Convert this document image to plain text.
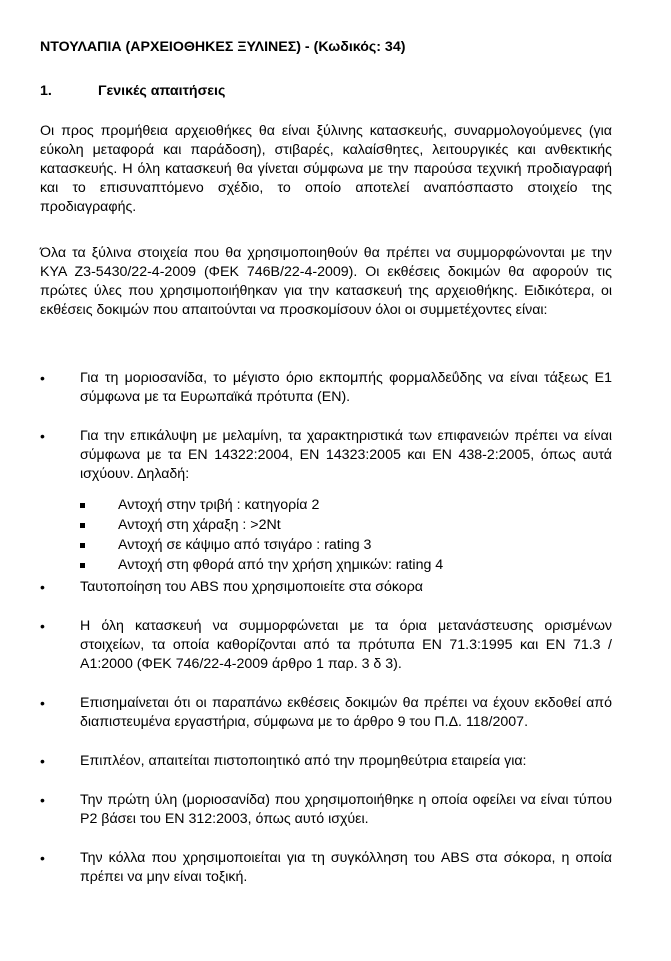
ΝΤΟΥΛΑΠΙΑ (ΑΡΧΕΙΟΘΗΚΕΣ ΞΥΛΙΝΕΣ) - (Κωδικός: 34)
1.	Γενικές απαιτήσεις
Οι προς προμήθεια αρχειοθήκες θα είναι ξύλινης κατασκευής, συναρμολογούμενες (για εύκολη μεταφορά και παράδοση), στιβαρές, καλαίσθητες, λειτουργικές και ανθεκτικής κατασκευής. Η όλη κατασκευή θα γίνεται σύμφωνα με την παρούσα τεχνική προδιαγραφή και το επισυναπτόμενο σχέδιο, το οποίο αποτελεί αναπόσπαστο στοιχείο της προδιαγραφής.
Όλα τα ξύλινα στοιχεία που θα χρησιμοποιηθούν θα πρέπει να συμμορφώνονται με την ΚΥΑ Ζ3-5430/22-4-2009 (ΦΕΚ 746Β/22-4-2009). Οι εκθέσεις δοκιμών θα αφορούν τις πρώτες ύλες που χρησιμοποιήθηκαν για την κατασκευή της αρχειοθήκης. Ειδικότερα, οι εκθέσεις δοκιμών που απαιτούνται να προσκομίσουν όλοι οι συμμετέχοντες είναι:
• Για τη μοριοσανίδα, το μέγιστο όριο εκπομπής φορμαλδεΰδης να είναι τάξεως Ε1 σύμφωνα με τα Ευρωπαϊκά πρότυπα (ΕΝ).
• Για την επικάλυψη με μελαμίνη, τα χαρακτηριστικά των επιφανειών πρέπει να είναι σύμφωνα με τα ΕΝ 14322:2004, ΕΝ 14323:2005 και ΕΝ 438-2:2005, όπως αυτά ισχύουν. Δηλαδή:
Αντοχή στην τριβή : κατηγορία 2
Αντοχή στη χάραξη : >2Nt
Αντοχή σε κάψιμο από τσιγάρο : rating 3
Αντοχή στη φθορά από την χρήση χημικών: rating 4
• Ταυτοποίηση του ABS που χρησιμοποιείτε στα σόκορα
• Η όλη κατασκευή να συμμορφώνεται με τα όρια μετανάστευσης ορισμένων στοιχείων, τα οποία καθορίζονται από τα πρότυπα ΕΝ 71.3:1995 και ΕΝ 71.3 /Α1:2000 (ΦΕΚ 746/22-4-2009 άρθρο 1 παρ. 3 δ 3).
• Επισημαίνεται ότι οι παραπάνω εκθέσεις δοκιμών θα πρέπει να έχουν εκδοθεί από διαπιστευμένα εργαστήρια, σύμφωνα με το άρθρο 9 του Π.Δ. 118/2007.
• Επιπλέον, απαιτείται πιστοποιητικό από την προμηθεύτρια εταιρεία για:
• Την πρώτη ύλη (μοριοσανίδα) που χρησιμοποιήθηκε η οποία οφείλει να είναι τύπου Ρ2 βάσει του ΕΝ 312:2003, όπως αυτό ισχύει.
• Την κόλλα που χρησιμοποιείται για τη συγκόλληση του ABS στα σόκορα, η οποία πρέπει να μην είναι τοξική.
